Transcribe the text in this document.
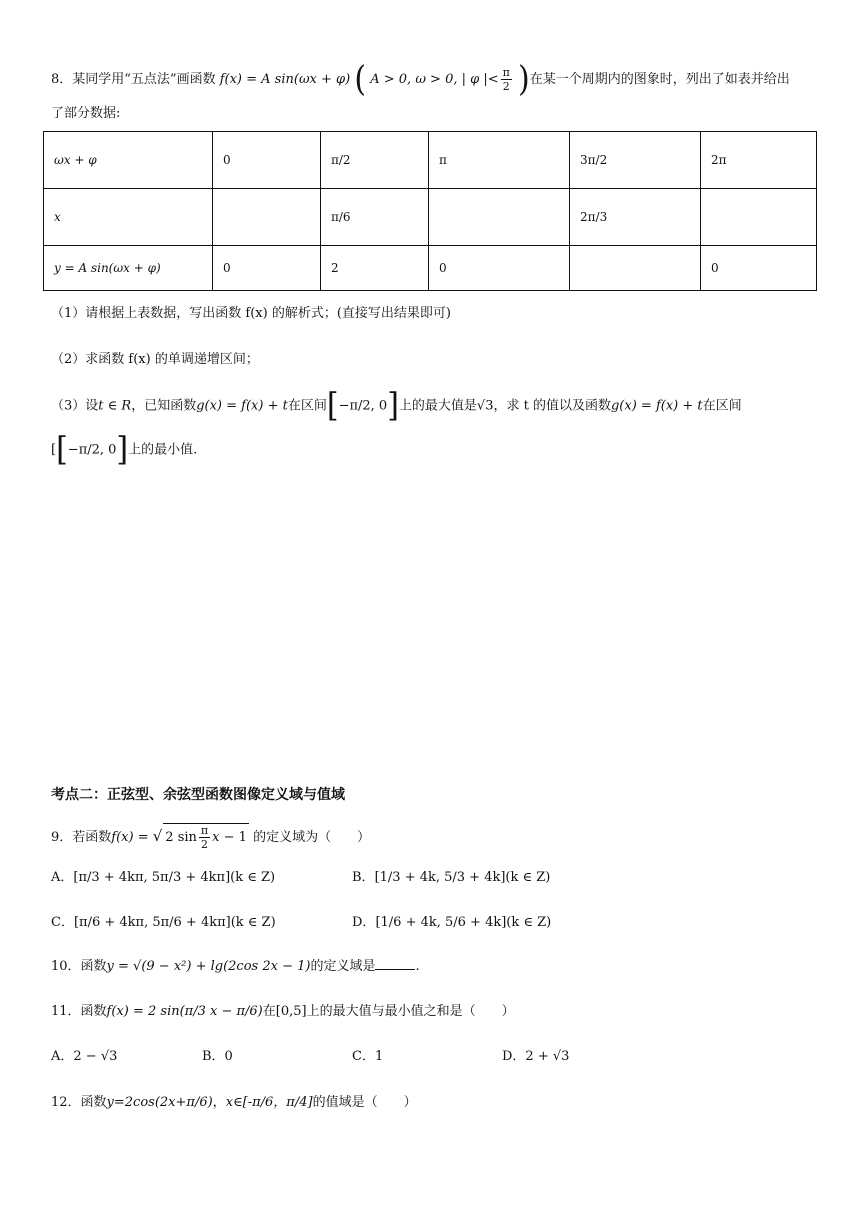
8．某同学用“五点法”画函数 f(x) = A sin(ωx + φ) ( A > 0, ω > 0, | φ |< $\frac{\pi}{2}$ )在某一个周期内的图象时，列出了如表并给出
了部分数据:
ωx + φ	0	π/2	π	3π/2	2π
x		π/6		2π/3	
y = A sin(ωx + φ)	0	2	0		0
（1）请根据上表数据，写出函数 f(x) 的解析式；(直接写出结果即可)
（2）求函数 f(x) 的单调递增区间；
（3）设t ∈ R，已知函数g(x) = f(x) + t在区间[−π/2, 0]上的最大值是√3，求 t 的值以及函数g(x) = f(x) + t在区间
[[−π/2, 0]上的最小值.
考点二：正弦型、余弦型函数图像定义域与值域
9．若函数f(x) = √ 2 $\sin \frac{\pi}{2}$ x − 1 的定义域为（　　）
A．[π/3 + 4kπ, 5π/3 + 4kπ](k ∈ Z)	B．[1/3 + 4k, 5/3 + 4k](k ∈ Z)
C．[π/6 + 4kπ, 5π/6 + 4kπ](k ∈ Z)	D．[1/6 + 4k, 5/6 + 4k](k ∈ Z)
10．函数y = √(9 − x²) + lg(2cos 2x − 1)的定义域是	.
11．函数f(x) = 2 sin(π/3 x − π/6)在[0,5]上的最大值与最小值之和是（　　）
A．2 − √3	B．0	C．1	D．2 + √3
12．函数y=2cos(2x+π/6)，x∈[-π/6，π/4]的值域是（　　）
